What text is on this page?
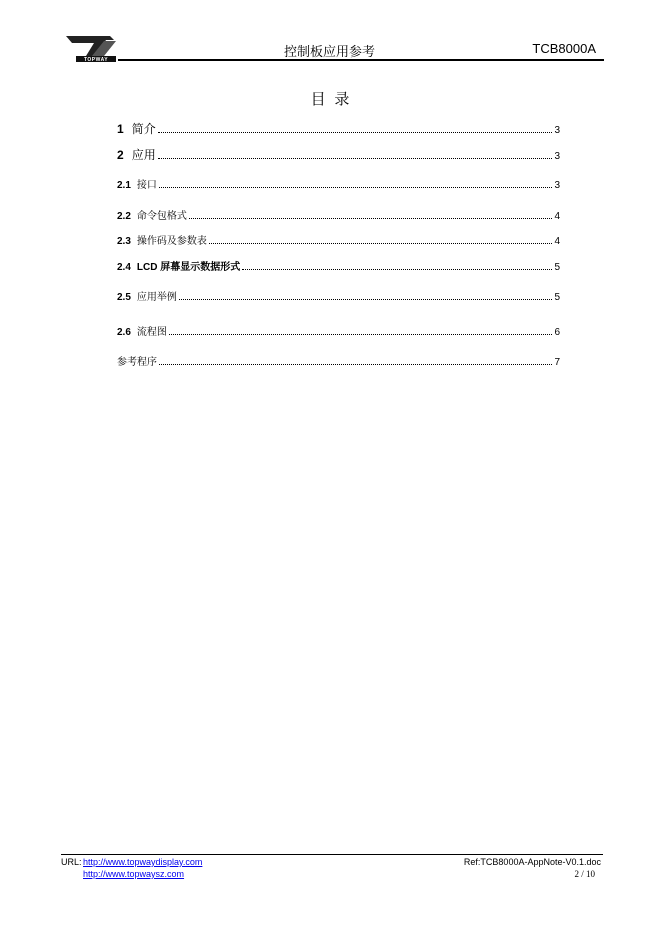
TOPWAY
控制板应用参考	TCB8000A
目 录
1 简介	3
2 应用	3
2.1 接口	3
2.2 命令包格式	4
2.3 操作码及参数表	4
2.4 LCD 屏幕显示数据形式	5
2.5 应用举例	5
2.6 流程图	6
参考程序	7
URL: http://www.topwaydisplay.com
http://www.topwaysz.com
Ref:TCB8000A-AppNote-V0.1.doc
2 / 10
